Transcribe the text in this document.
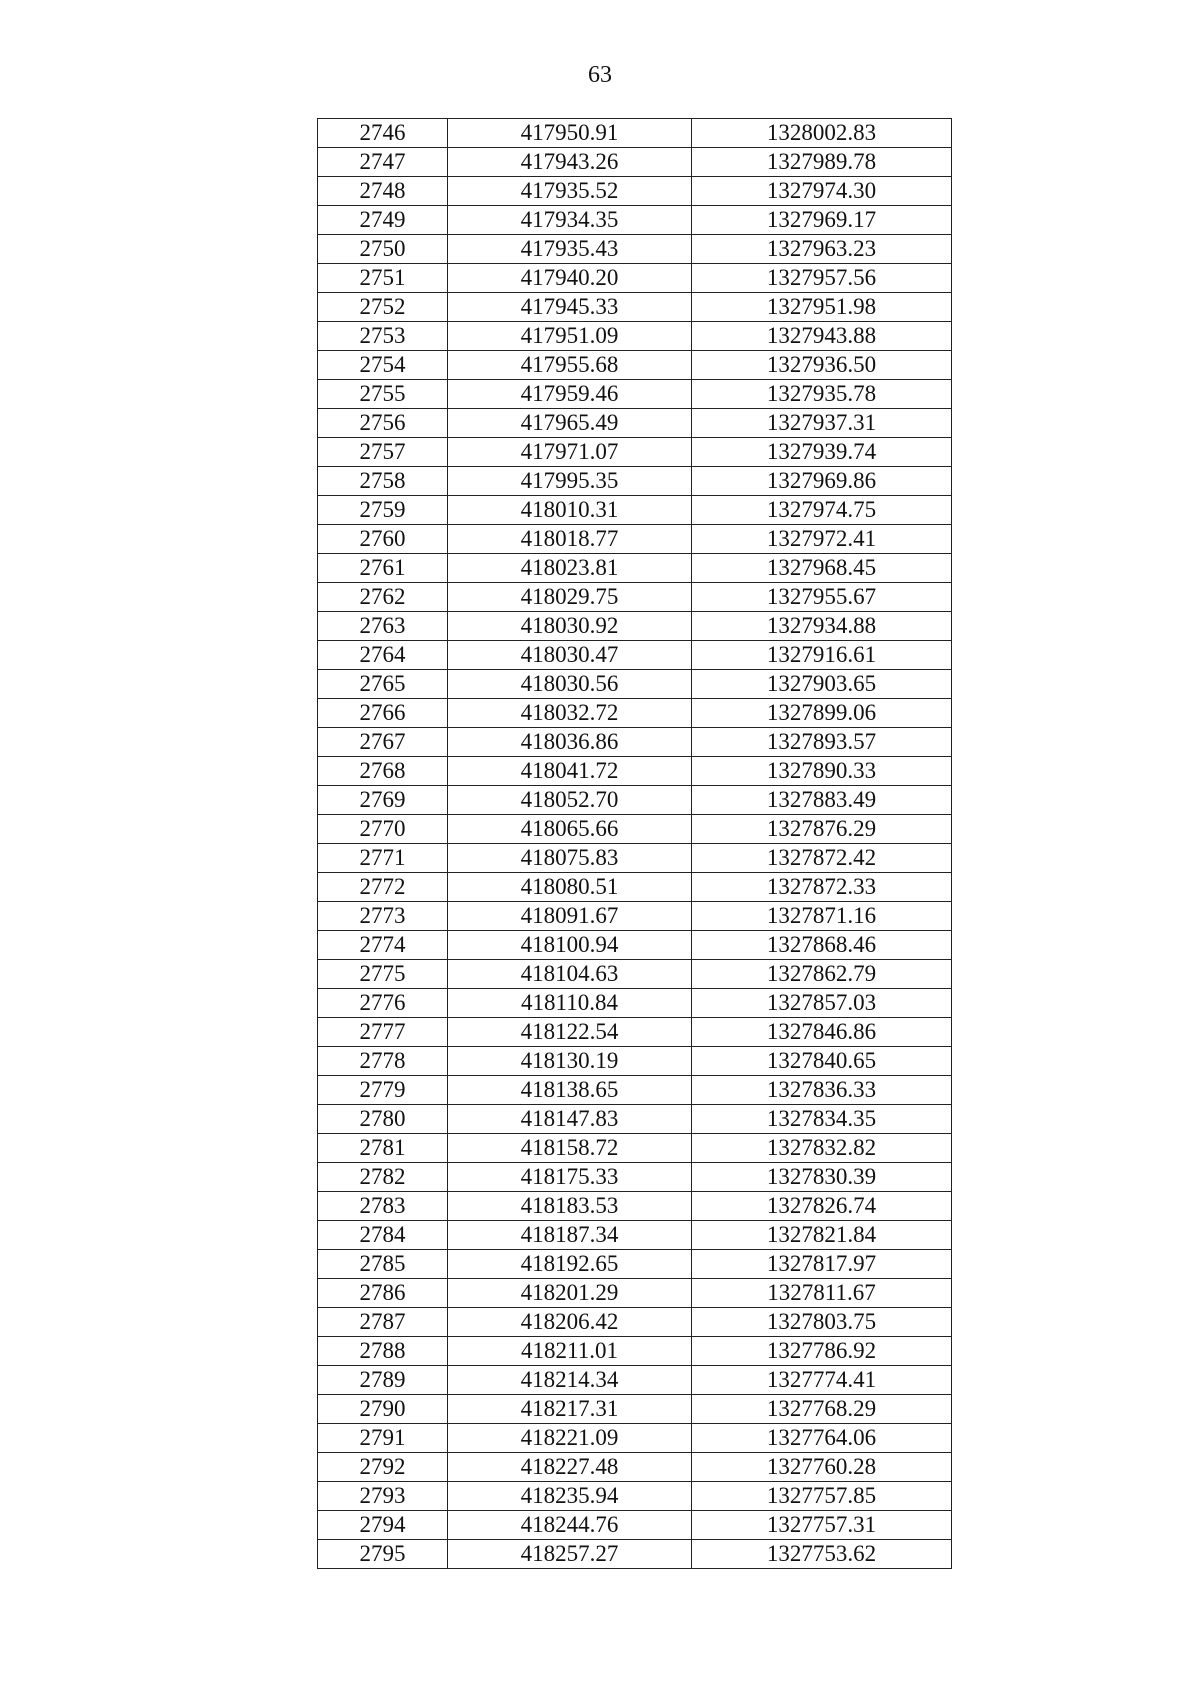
63
2746	417950.91	1328002.83
2747	417943.26	1327989.78
2748	417935.52	1327974.30
2749	417934.35	1327969.17
2750	417935.43	1327963.23
2751	417940.20	1327957.56
2752	417945.33	1327951.98
2753	417951.09	1327943.88
2754	417955.68	1327936.50
2755	417959.46	1327935.78
2756	417965.49	1327937.31
2757	417971.07	1327939.74
2758	417995.35	1327969.86
2759	418010.31	1327974.75
2760	418018.77	1327972.41
2761	418023.81	1327968.45
2762	418029.75	1327955.67
2763	418030.92	1327934.88
2764	418030.47	1327916.61
2765	418030.56	1327903.65
2766	418032.72	1327899.06
2767	418036.86	1327893.57
2768	418041.72	1327890.33
2769	418052.70	1327883.49
2770	418065.66	1327876.29
2771	418075.83	1327872.42
2772	418080.51	1327872.33
2773	418091.67	1327871.16
2774	418100.94	1327868.46
2775	418104.63	1327862.79
2776	418110.84	1327857.03
2777	418122.54	1327846.86
2778	418130.19	1327840.65
2779	418138.65	1327836.33
2780	418147.83	1327834.35
2781	418158.72	1327832.82
2782	418175.33	1327830.39
2783	418183.53	1327826.74
2784	418187.34	1327821.84
2785	418192.65	1327817.97
2786	418201.29	1327811.67
2787	418206.42	1327803.75
2788	418211.01	1327786.92
2789	418214.34	1327774.41
2790	418217.31	1327768.29
2791	418221.09	1327764.06
2792	418227.48	1327760.28
2793	418235.94	1327757.85
2794	418244.76	1327757.31
2795	418257.27	1327753.62
